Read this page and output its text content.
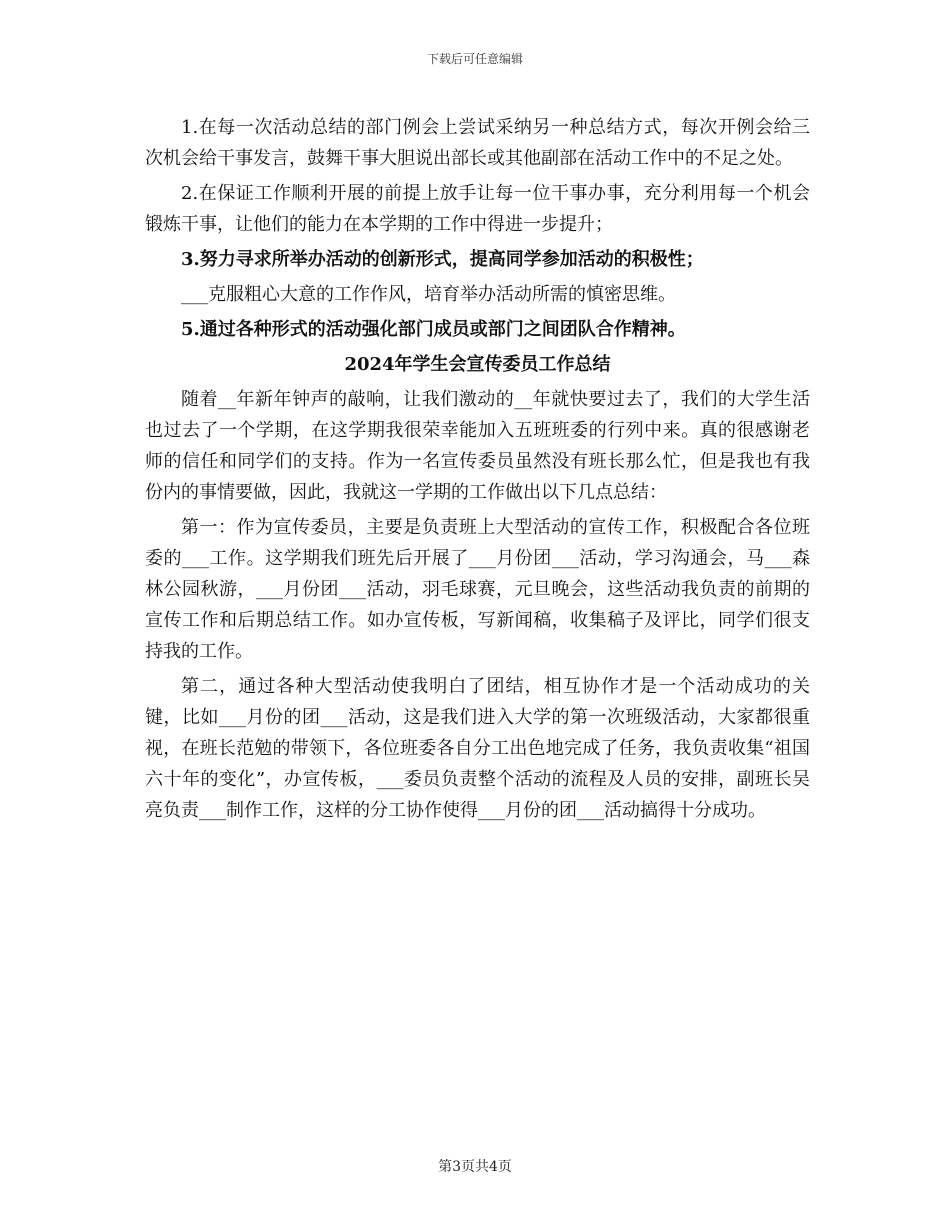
下载后可任意编辑

1.在每一次活动总结的部门例会上尝试采纳另一种总结方式，每次开例会给三次机会给干事发言，鼓舞干事大胆说出部长或其他副部在活动工作中的不足之处。

2.在保证工作顺利开展的前提上放手让每一位干事办事，充分利用每一个机会锻炼干事，让他们的能力在本学期的工作中得进一步提升；

3.努力寻求所举办活动的创新形式，提高同学参加活动的积极性；

___克服粗心大意的工作作风，培育举办活动所需的慎密思维。

5.通过各种形式的活动强化部门成员或部门之间团队合作精神。

2024年学生会宣传委员工作总结

随着__年新年钟声的敲响，让我们激动的__年就快要过去了，我们的大学生活也过去了一个学期，在这学期我很荣幸能加入五班班委的行列中来。真的很感谢老师的信任和同学们的支持。作为一名宣传委员虽然没有班长那么忙，但是我也有我份内的事情要做，因此，我就这一学期的工作做出以下几点总结：

第一：作为宣传委员，主要是负责班上大型活动的宣传工作，积极配合各位班委的___工作。这学期我们班先后开展了___月份团___活动，学习沟通会，马___森林公园秋游，___月份团___活动，羽毛球赛，元旦晚会，这些活动我负责的前期的宣传工作和后期总结工作。如办宣传板，写新闻稿，收集稿子及评比，同学们很支持我的工作。

第二，通过各种大型活动使我明白了团结，相互协作才是一个活动成功的关键，比如___月份的团___活动，这是我们进入大学的第一次班级活动，大家都很重视，在班长范勉的带领下，各位班委各自分工出色地完成了任务，我负责收集“祖国六十年的变化”，办宣传板，___委员负责整个活动的流程及人员的安排，副班长吴亮负责___制作工作，这样的分工协作使得___月份的团___活动搞得十分成功。

第3页共4页
